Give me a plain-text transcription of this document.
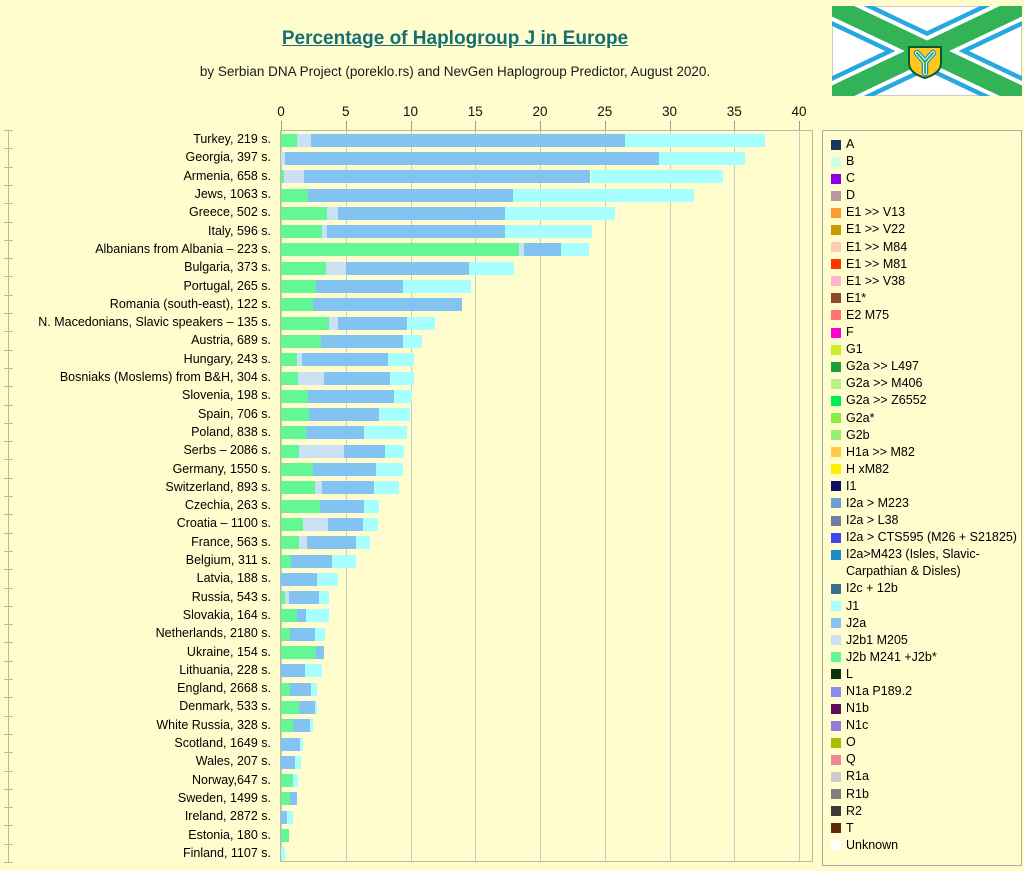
Percentage of Haplogroup J in Europe
by Serbian DNA Project (poreklo.rs) and NevGen Haplogroup Predictor, August 2020.
0	5	10	15	20	25	30	35	40
Turkey, 219 s.
Georgia, 397 s.
Armenia, 658 s.
Jews, 1063 s.
Greece, 502 s.
Italy, 596 s.
Albanians from Albania – 223 s.
Bulgaria, 373 s.
Portugal, 265 s.
Romania (south-east), 122 s.
N. Macedonians, Slavic speakers – 135 s.
Austria, 689 s.
Hungary, 243 s.
Bosniaks (Moslems) from B&H, 304 s.
Slovenia, 198 s.
Spain, 706 s.
Poland, 838 s.
Serbs – 2086 s.
Germany, 1550 s.
Switzerland, 893 s.
Czechia, 263 s.
Croatia – 1100 s.
France, 563 s.
Belgium, 311 s.
Latvia, 188 s.
Russia, 543 s.
Slovakia, 164 s.
Netherlands, 2180 s.
Ukraine, 154 s.
Lithuania, 228 s.
England, 2668 s.
Denmark, 533 s.
White Russia, 328 s.
Scotland, 1649 s.
Wales, 207 s.
Norway,647 s.
Sweden, 1499 s.
Ireland, 2872 s.
Estonia, 180 s.
Finland, 1107 s.
A
B
C
D
E1 >> V13
E1 >> V22
E1 >> M84
E1 >> M81
E1 >> V38
E1*
E2 M75
F
G1
G2a >> L497
G2a >> M406
G2a >> Z6552
G2a*
G2b
H1a >> M82
H xM82
I1
I2a > M223
I2a > L38
I2a > CTS595 (M26 + S21825)
I2a>M423 (Isles, Slavic-Carpathian & Disles)
I2c + 12b
J1
J2a
J2b1 M205
J2b M241 +J2b*
L
N1a P189.2
N1b
N1c
O
Q
R1a
R1b
R2
T
Unknown
